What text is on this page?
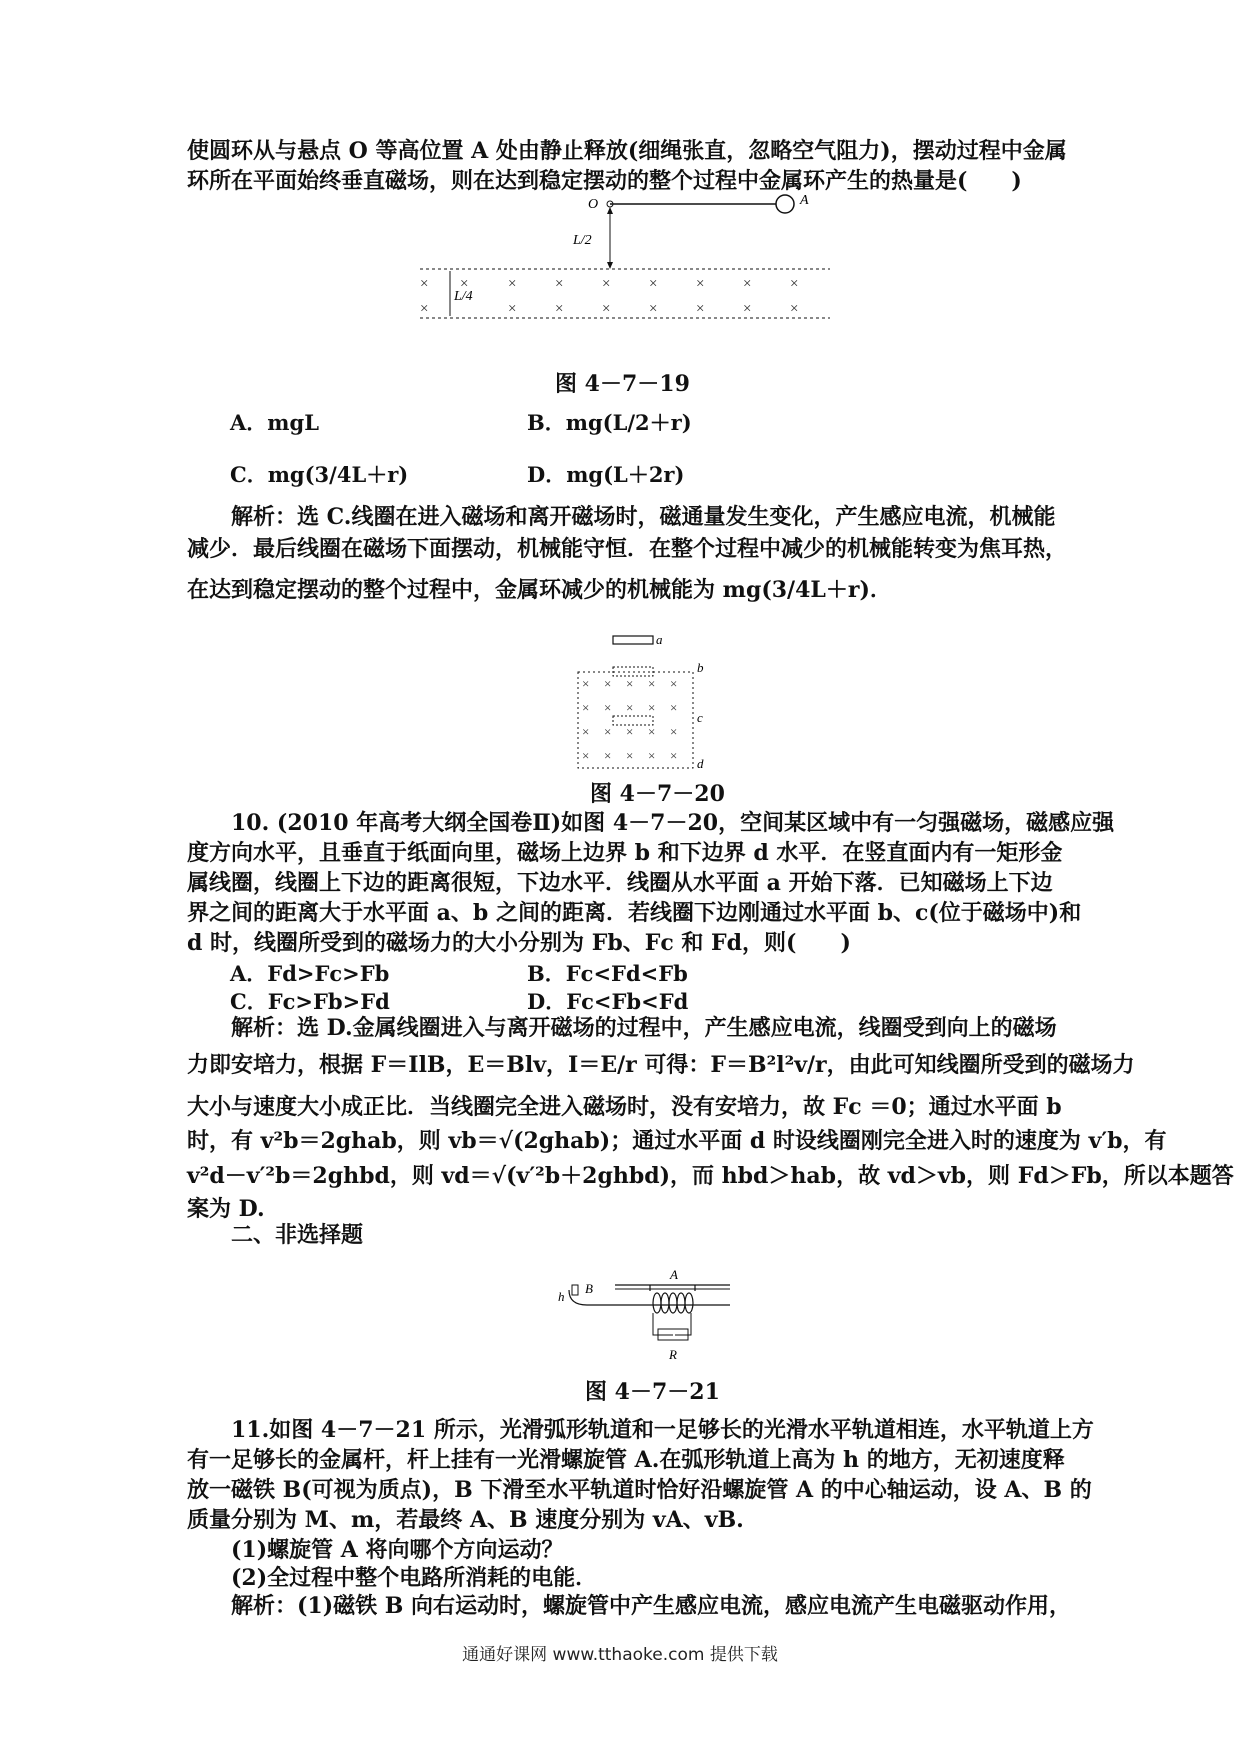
使圆环从与悬点 O 等高位置 A 处由静止释放(细绳张直，忽略空气阻力)，摆动过程中金属
环所在平面始终垂直磁场，则在达到稳定摆动的整个过程中金属环产生的热量是(　　)
O	A
L/2
L/4
× ×	×	×	×	×	×	×	×
×	×	×	×	×	×	×	×
图 4－7－19
A．mgL	B．mg(L/2＋r)
C．mg(3/4L＋r)	D．mg(L＋2r)
解析：选 C.线圈在进入磁场和离开磁场时，磁通量发生变化，产生感应电流，机械能
减少．最后线圈在磁场下面摆动，机械能守恒．在整个过程中减少的机械能转变为焦耳热，
在达到稳定摆动的整个过程中，金属环减少的机械能为 mg(3/4L＋r)．
a
b
c
d
× × × × ×
× × × × ×
× × × × ×
× × × × ×
图 4－7－20
10. (2010 年高考大纲全国卷Ⅱ)如图 4－7－20，空间某区域中有一匀强磁场，磁感应强
度方向水平，且垂直于纸面向里，磁场上边界 b 和下边界 d 水平．在竖直面内有一矩形金
属线圈，线圈上下边的距离很短，下边水平．线圈从水平面 a 开始下落．已知磁场上下边
界之间的距离大于水平面 a、b 之间的距离．若线圈下边刚通过水平面 b、c(位于磁场中)和
d 时，线圈所受到的磁场力的大小分别为 Fb、Fc 和 Fd，则(　　)
A．Fd>Fc>Fb	B．Fc<Fd<Fb
C．Fc>Fb>Fd	D．Fc<Fb<Fd
解析：选 D.金属线圈进入与离开磁场的过程中，产生感应电流，线圈受到向上的磁场
力即安培力，根据 F＝IlB，E＝Blv，I＝E/r 可得：F＝B²l²v/r，由此可知线圈所受到的磁场力
大小与速度大小成正比．当线圈完全进入磁场时，没有安培力，故 Fc ＝0；通过水平面 b
时，有 v²b＝2ghab，则 vb＝√(2ghab)；通过水平面 d 时设线圈刚完全进入时的速度为 v′b，有
v²d－v′²b＝2ghbd，则 vd＝√(v′²b＋2ghbd)，而 hbd＞hab，故 vd＞vb，则 Fd＞Fb，所以本题答
案为 D.
二、非选择题
h
B
A
R
图 4－7－21
11.如图 4－7－21 所示，光滑弧形轨道和一足够长的光滑水平轨道相连，水平轨道上方
有一足够长的金属杆，杆上挂有一光滑螺旋管 A.在弧形轨道上高为 h 的地方，无初速度释
放一磁铁 B(可视为质点)，B 下滑至水平轨道时恰好沿螺旋管 A 的中心轴运动，设 A、B 的
质量分别为 M、m，若最终 A、B 速度分别为 vA、vB.
(1)螺旋管 A 将向哪个方向运动？
(2)全过程中整个电路所消耗的电能．
解析：(1)磁铁 B 向右运动时，螺旋管中产生感应电流，感应电流产生电磁驱动作用，
通通好课网 www.tthaoke.com 提供下载
